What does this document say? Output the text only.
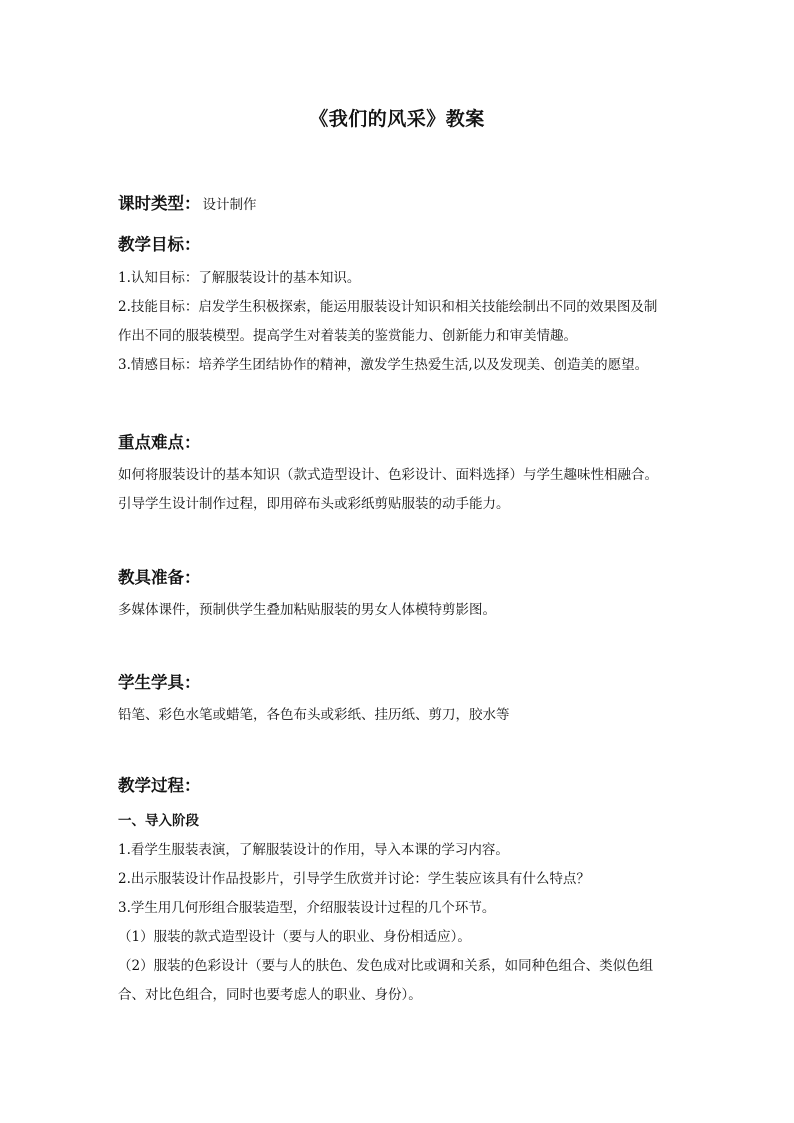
《我们的风采》教案
课时类型： 设计制作
教学目标：
1.认知目标：了解服装设计的基本知识。
2.技能目标：启发学生积极探索，能运用服装设计知识和相关技能绘制出不同的效果图及制
作出不同的服装模型。提高学生对着装美的鉴赏能力、创新能力和审美情趣。
3.情感目标：培养学生团结协作的精神，激发学生热爱生活,以及发现美、创造美的愿望。
重点难点：
如何将服装设计的基本知识（款式造型设计、色彩设计、面料选择）与学生趣味性相融合。
引导学生设计制作过程，即用碎布头或彩纸剪贴服装的动手能力。
教具准备：
多媒体课件，预制供学生叠加粘贴服装的男女人体模特剪影图。
学生学具：
铅笔、彩色水笔或蜡笔，各色布头或彩纸、挂历纸、剪刀，胶水等
教学过程：
一、导入阶段
1.看学生服装表演，了解服装设计的作用，导入本课的学习内容。
2.出示服装设计作品投影片，引导学生欣赏并讨论：学生装应该具有什么特点？
3.学生用几何形组合服装造型，介绍服装设计过程的几个环节。
（1）服装的款式造型设计（要与人的职业、身份相适应）。
（2）服装的色彩设计（要与人的肤色、发色成对比或调和关系，如同种色组合、类似色组
合、对比色组合，同时也要考虑人的职业、身份）。
